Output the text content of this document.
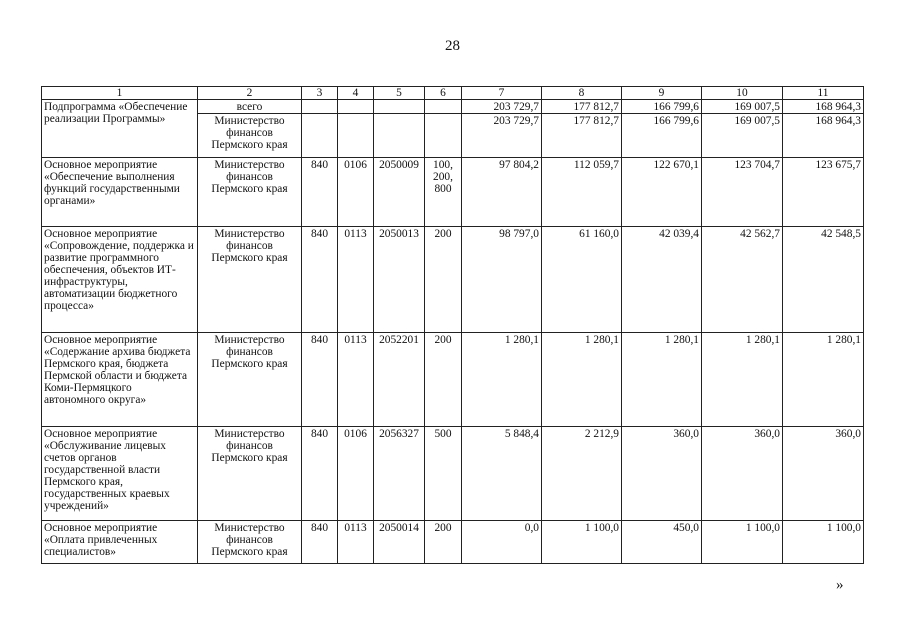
28
1	2	3	4	5	6	7	8	9	10	11
Подпрограмма «Обеспечение реализации Программы»	всего					203 729,7	177 812,7	166 799,6	169 007,5	168 964,3
	Министерство финансов Пермского края					203 729,7	177 812,7	166 799,6	169 007,5	168 964,3
Основное мероприятие «Обеспечение выполнения функций государственными органами»	Министерство финансов Пермского края	840	0106	2050009	100, 200, 800	97 804,2	112 059,7	122 670,1	123 704,7	123 675,7
Основное мероприятие «Сопровождение, поддержка и развитие программного обеспечения, объектов ИТ-инфраструктуры, автоматизации бюджетного процесса»	Министерство финансов Пермского края	840	0113	2050013	200	98 797,0	61 160,0	42 039,4	42 562,7	42 548,5
Основное мероприятие «Содержание архива бюджета Пермского края, бюджета Пермской области и бюджета Коми-Пермяцкого автономного округа»	Министерство финансов Пермского края	840	0113	2052201	200	1 280,1	1 280,1	1 280,1	1 280,1	1 280,1
Основное мероприятие «Обслуживание лицевых счетов органов государственной власти Пермского края, государственных краевых учреждений»	Министерство финансов Пермского края	840	0106	2056327	500	5 848,4	2 212,9	360,0	360,0	360,0
Основное мероприятие «Оплата привлеченных специалистов»	Министерство финансов Пермского края	840	0113	2050014	200	0,0	1 100,0	450,0	1 100,0	1 100,0
»
